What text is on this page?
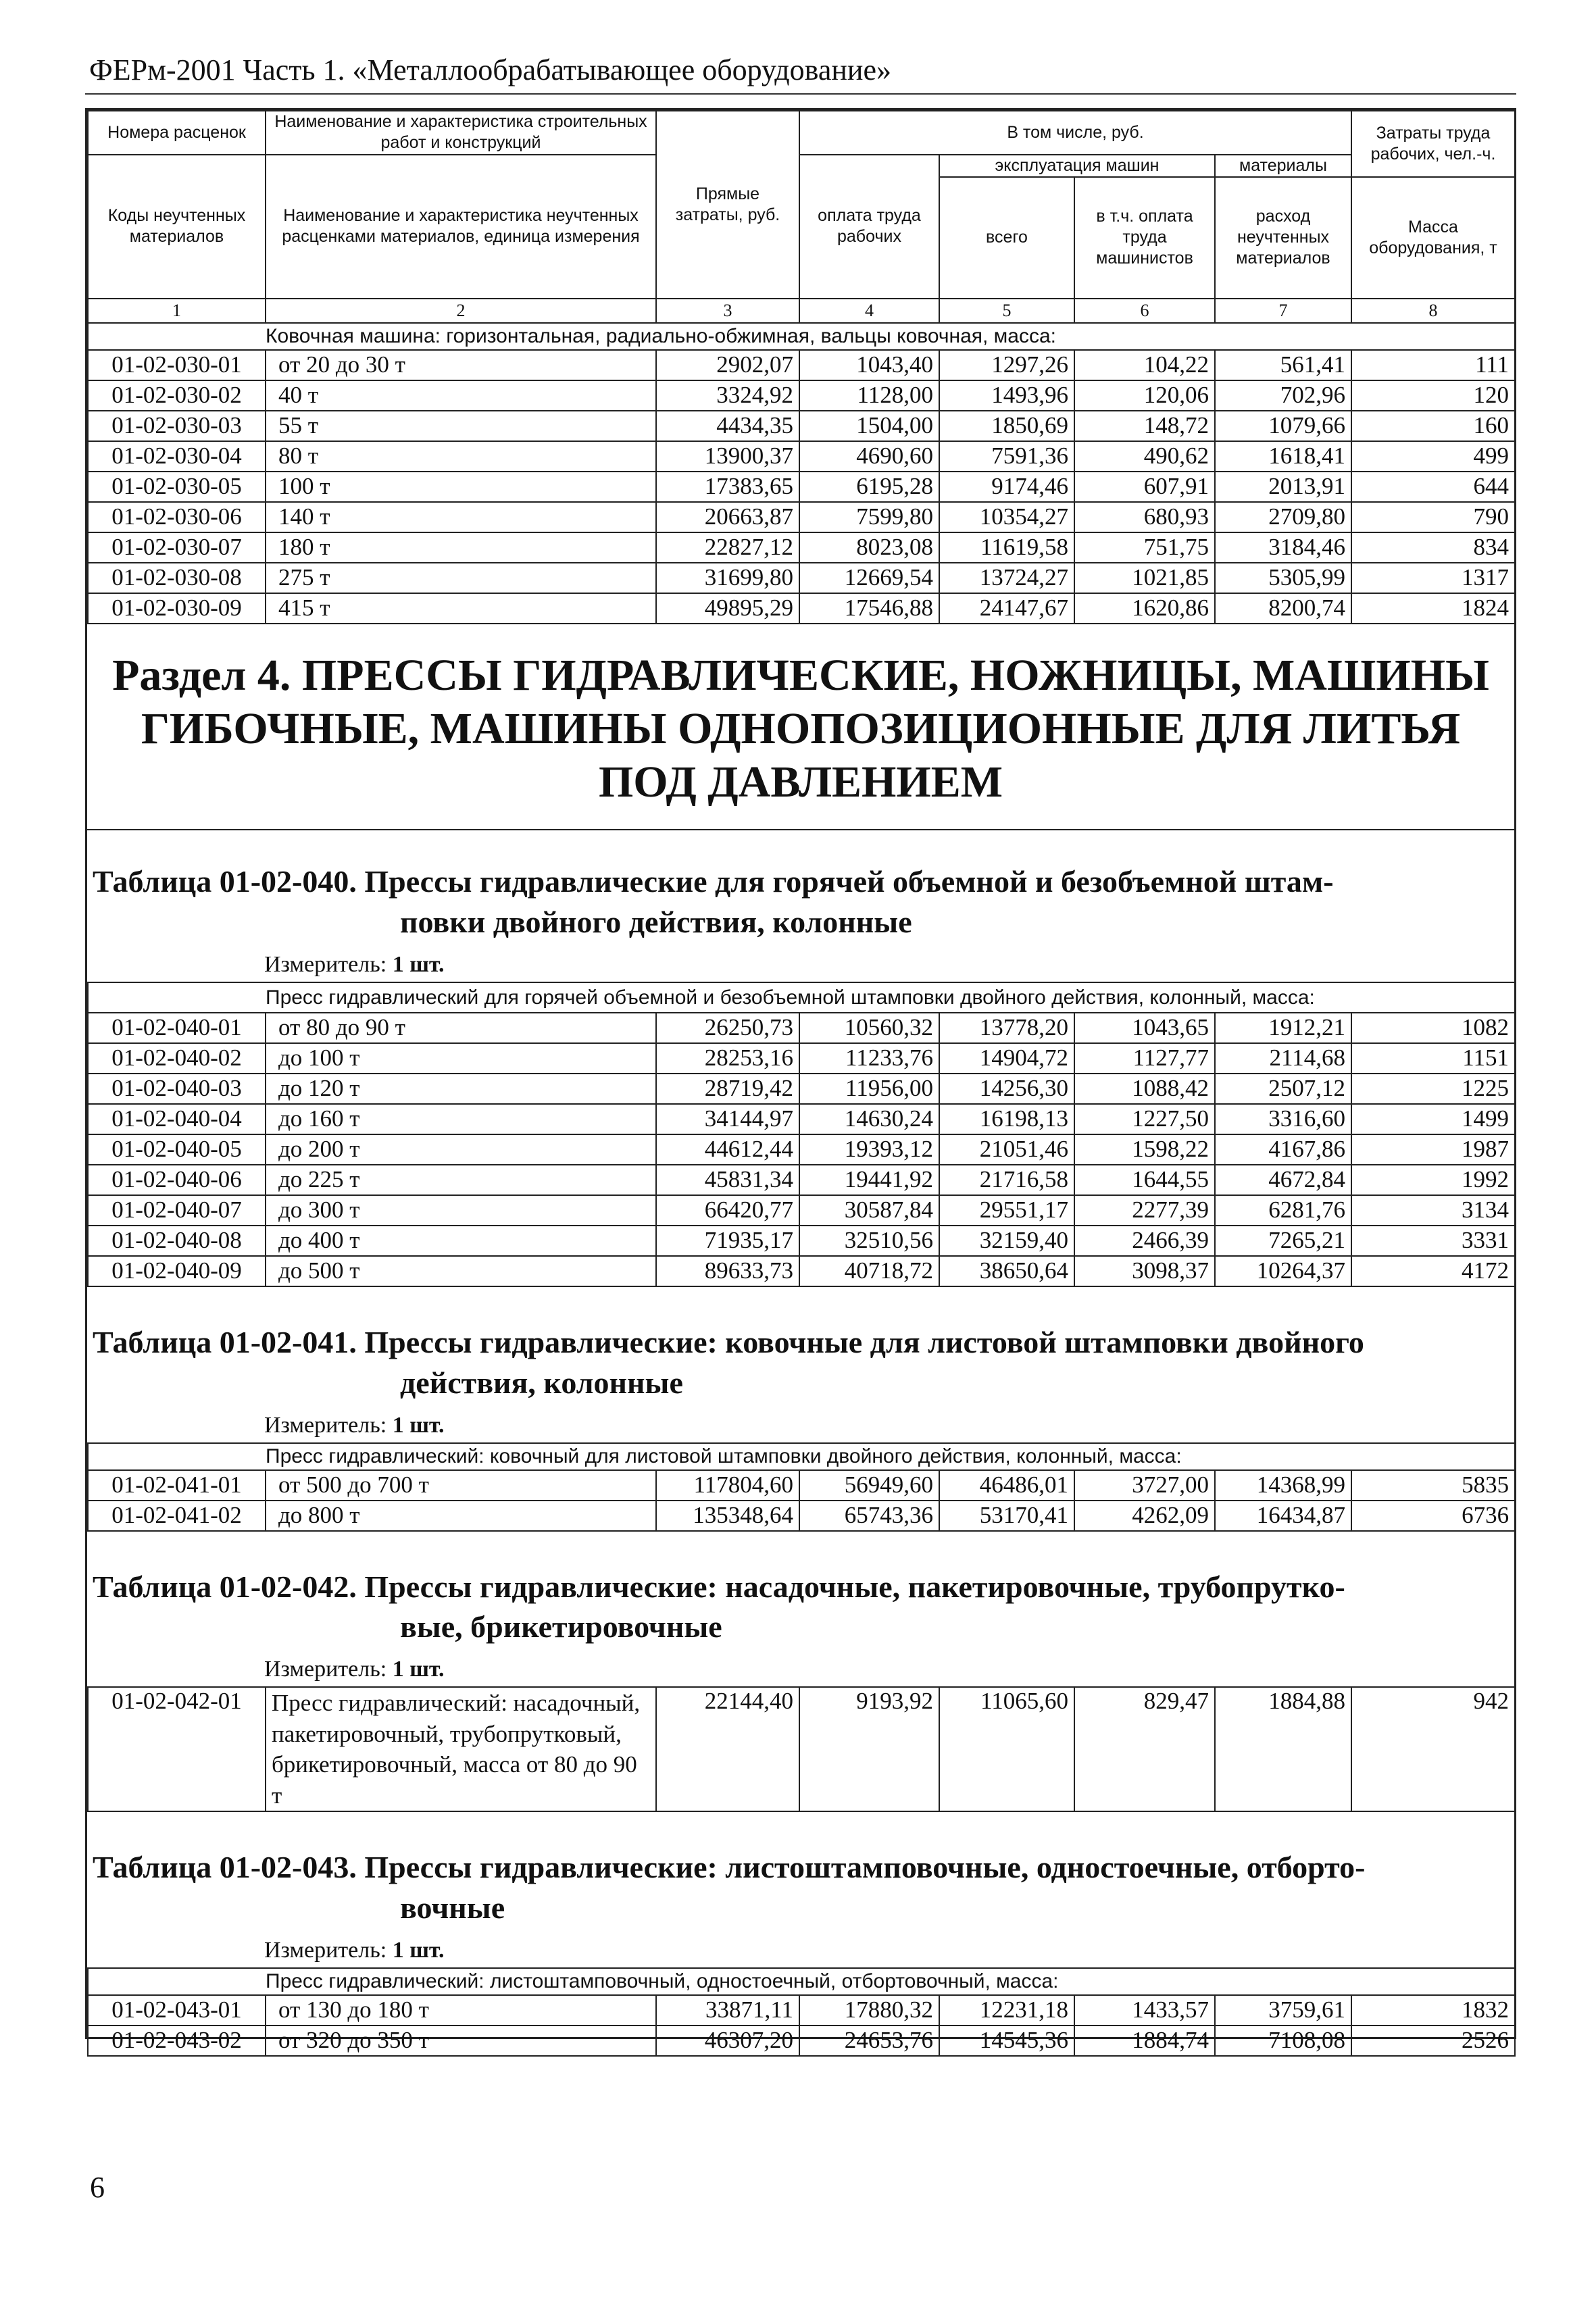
ФЕРм-2001 Часть 1. «Металлообрабатывающее оборудование»
Номера расценок	Наименование и характеристика строительных работ и конструкций	Прямые затраты, руб.	В том числе, руб.				Затраты труда рабочих, чел.-ч.
Коды неучтенных материалов	Наименование и характеристика неучтенных расценками материалов, единица измерения		оплата труда рабочих	эксплуатация машин		материалы	
				всего	в т.ч. оплата труда машинистов	расход неучтенных материалов	Масса оборудования, т
1	2	3	4	5	6	7	8
	Ковочная машина: горизонтальная, радиально-обжимная, вальцы ковочная, масса:						
01-02-030-01	от 20 до 30 т	2902,07	1043,40	1297,26	104,22	561,41	111
01-02-030-02	40 т	3324,92	1128,00	1493,96	120,06	702,96	120
01-02-030-03	55 т	4434,35	1504,00	1850,69	148,72	1079,66	160
01-02-030-04	80 т	13900,37	4690,60	7591,36	490,62	1618,41	499
01-02-030-05	100 т	17383,65	6195,28	9174,46	607,91	2013,91	644
01-02-030-06	140 т	20663,87	7599,80	10354,27	680,93	2709,80	790
01-02-030-07	180 т	22827,12	8023,08	11619,58	751,75	3184,46	834
01-02-030-08	275 т	31699,80	12669,54	13724,27	1021,85	5305,99	1317
01-02-030-09	415 т	49895,29	17546,88	24147,67	1620,86	8200,74	1824
Раздел 4. ПРЕССЫ ГИДРАВЛИЧЕСКИЕ, НОЖНИЦЫ, МАШИНЫ ГИБОЧНЫЕ, МАШИНЫ ОДНОПОЗИЦИОННЫЕ ДЛЯ ЛИТЬЯ ПОД ДАВЛЕНИЕМ
Таблица 01-02-040. Прессы гидравлические для горячей объемной и безобъемной штам-
повки двойного действия, колонные
Измеритель: 1 шт.
	Пресс гидравлический для горячей объемной и безобъемной штамповки двойного действия, колонный, масса:						
01-02-040-01	от 80 до 90 т	26250,73	10560,32	13778,20	1043,65	1912,21	1082
01-02-040-02	до 100 т	28253,16	11233,76	14904,72	1127,77	2114,68	1151
01-02-040-03	до 120 т	28719,42	11956,00	14256,30	1088,42	2507,12	1225
01-02-040-04	до 160 т	34144,97	14630,24	16198,13	1227,50	3316,60	1499
01-02-040-05	до 200 т	44612,44	19393,12	21051,46	1598,22	4167,86	1987
01-02-040-06	до 225 т	45831,34	19441,92	21716,58	1644,55	4672,84	1992
01-02-040-07	до 300 т	66420,77	30587,84	29551,17	2277,39	6281,76	3134
01-02-040-08	до 400 т	71935,17	32510,56	32159,40	2466,39	7265,21	3331
01-02-040-09	до 500 т	89633,73	40718,72	38650,64	3098,37	10264,37	4172
Таблица 01-02-041. Прессы гидравлические: ковочные для листовой штамповки двойного
действия, колонные
Измеритель: 1 шт.
	Пресс гидравлический: ковочный для листовой штамповки двойного действия, колонный, масса:						
01-02-041-01	от 500 до 700 т	117804,60	56949,60	46486,01	3727,00	14368,99	5835
01-02-041-02	до 800 т	135348,64	65743,36	53170,41	4262,09	16434,87	6736
Таблица 01-02-042. Прессы гидравлические: насадочные, пакетировочные, трубопрутко-
вые, брикетировочные
Измеритель: 1 шт.
01-02-042-01	Пресс гидравлический: насадочный, пакетировочный, трубопрутковый, брикетировочный, масса от 80 до 90 т	22144,40	9193,92	11065,60	829,47	1884,88	942
Таблица 01-02-043. Прессы гидравлические: листоштамповочные, одностоечные, отборто-
вочные
Измеритель: 1 шт.
	Пресс гидравлический: листоштамповочный, одностоечный, отбортовочный, масса:						
01-02-043-01	от 130 до 180 т	33871,11	17880,32	12231,18	1433,57	3759,61	1832
01-02-043-02	от 320 до 350 т	46307,20	24653,76	14545,36	1884,74	7108,08	2526
6
